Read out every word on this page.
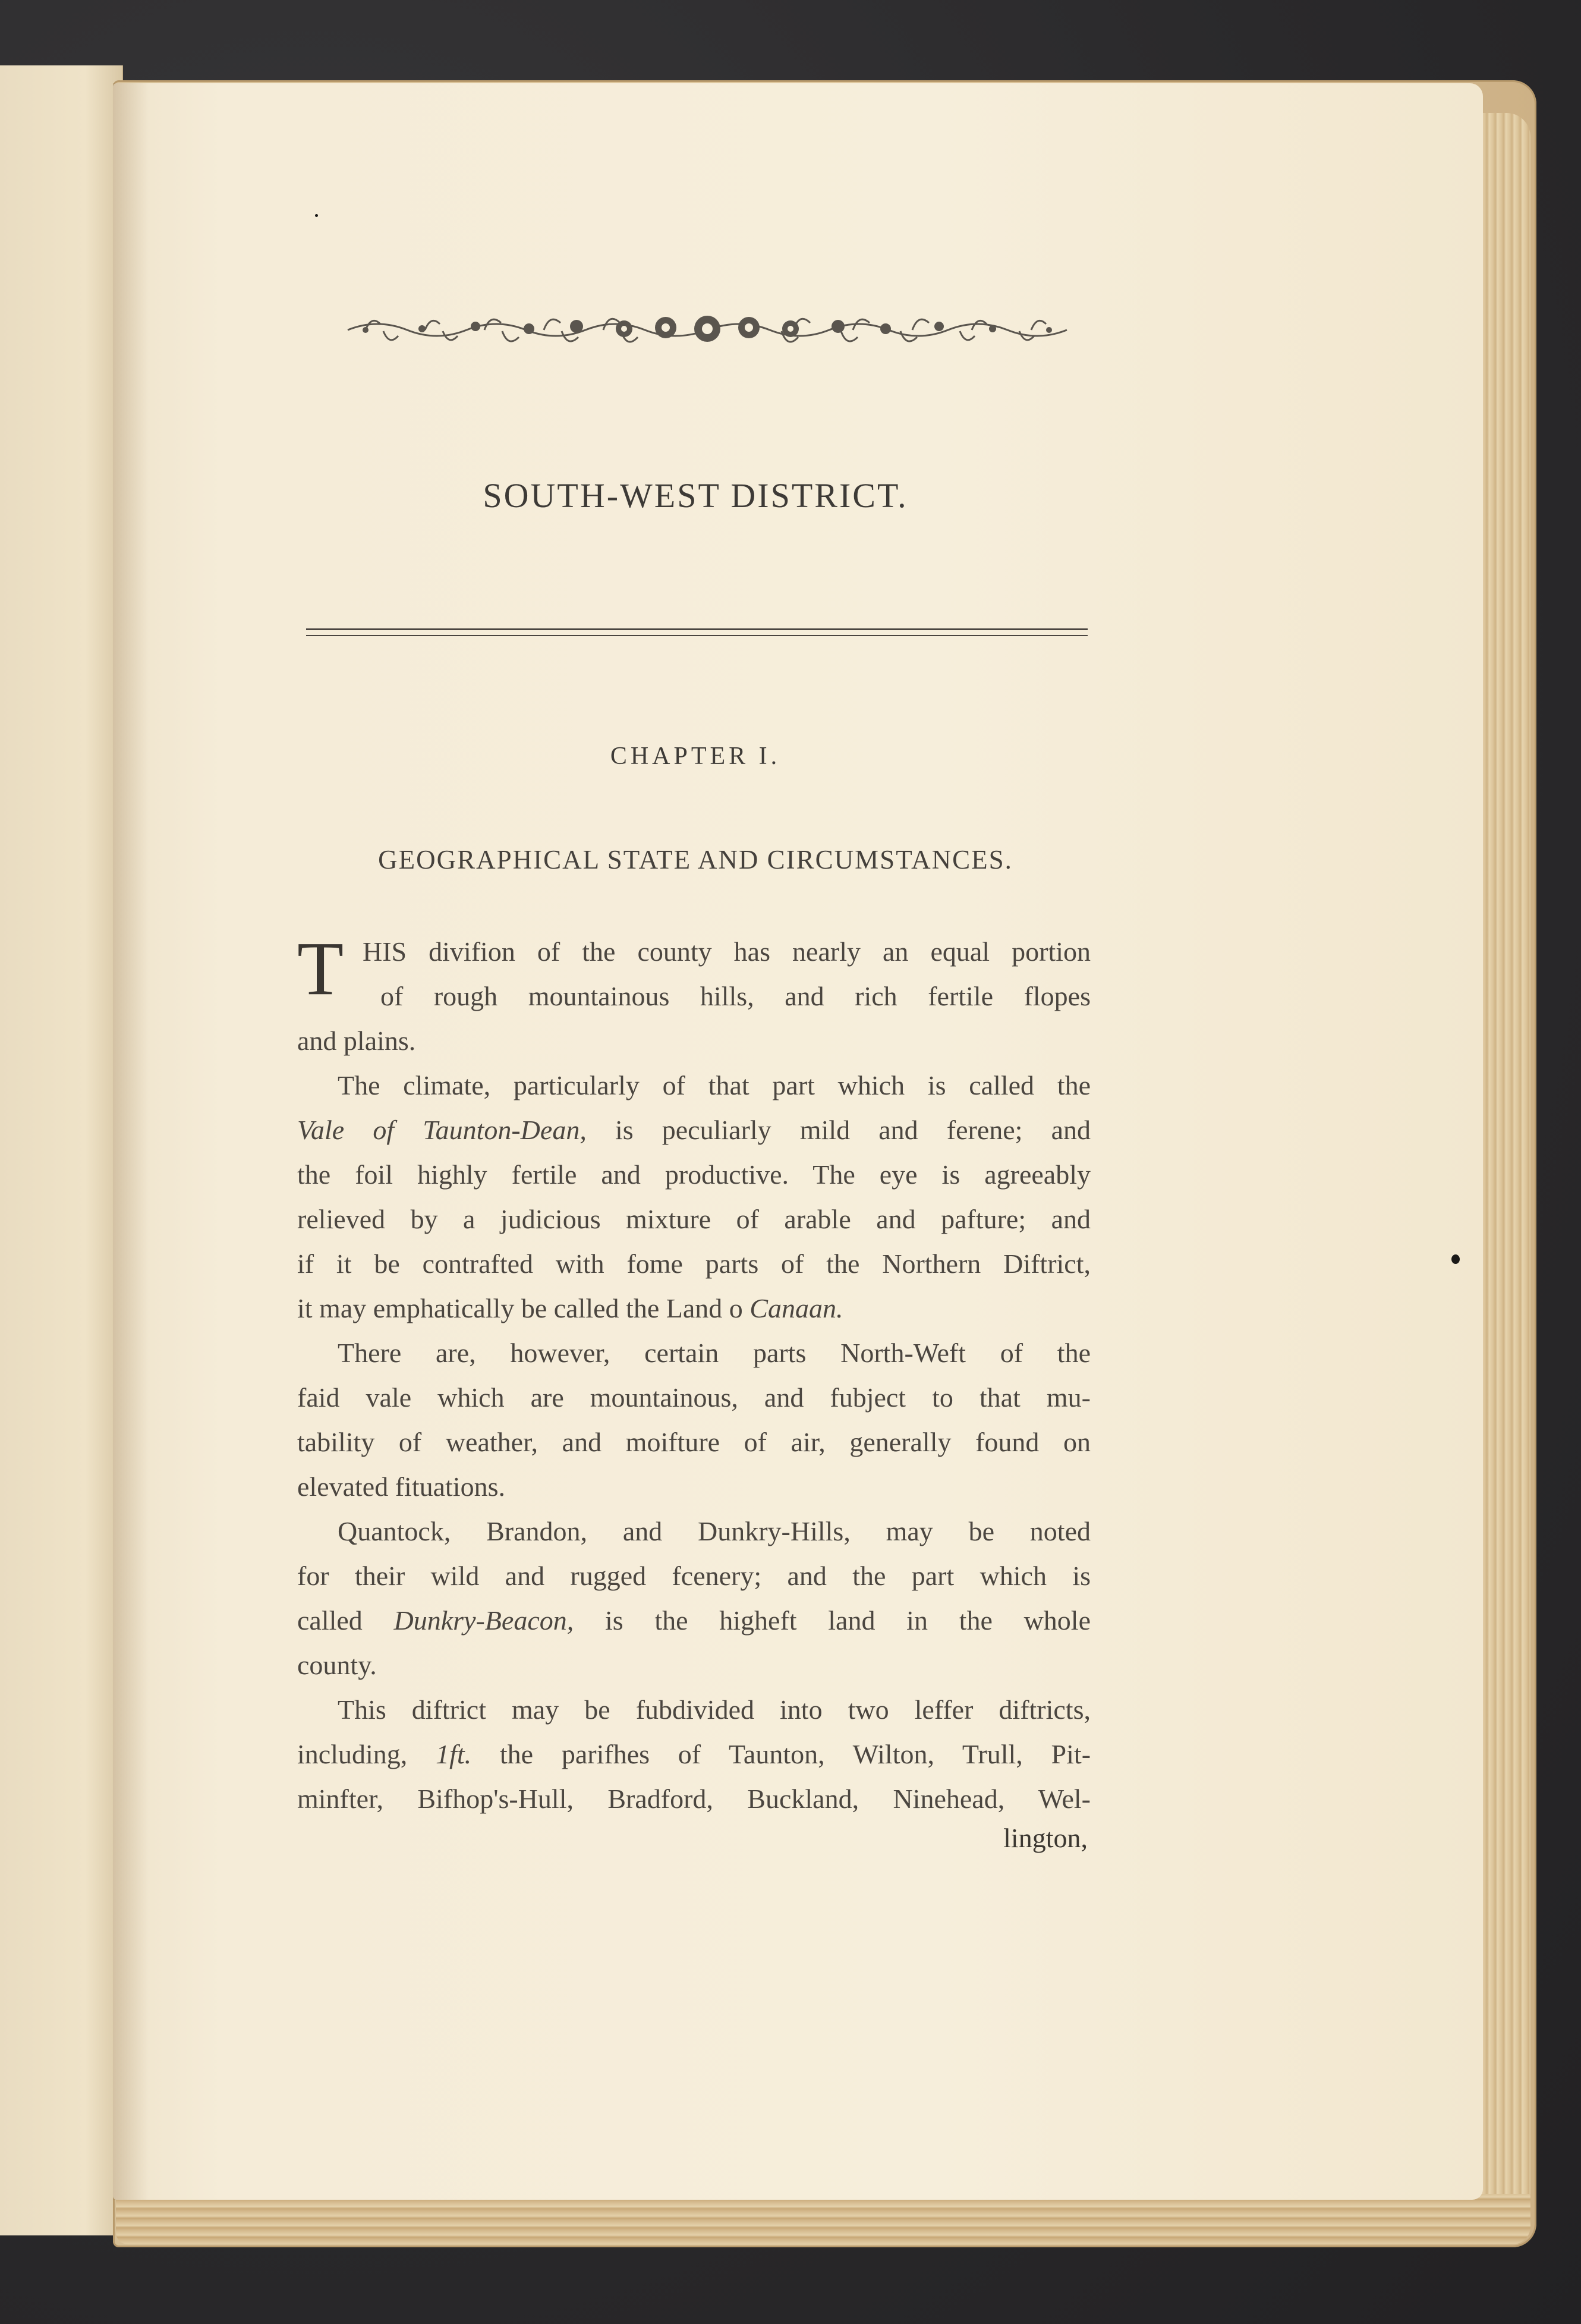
SOUTH-WEST DISTRICT.
CHAPTER I.
GEOGRAPHICAL STATE AND CIRCUMSTANCES.
T HIS divifion of the county has nearly an equal portion
of rough mountainous hills, and rich fertile flopes
and plains.
The climate, particularly of that part which is called the
Vale of Taunton-Dean, is peculiarly mild and ferene; and
the foil highly fertile and productive. The eye is agreeably
relieved by a judicious mixture of arable and pafture; and
if it be contrafted with fome parts of the Northern Diftrict,
it may emphatically be called the Land o Canaan.
There are, however, certain parts North-Weft of the
faid vale which are mountainous, and fubject to that mu-
tability of weather, and moifture of air, generally found on
elevated fituations.
Quantock, Brandon, and Dunkry-Hills, may be noted
for their wild and rugged fcenery; and the part which is
called Dunkry-Beacon, is the higheft land in the whole
county.
This diftrict may be fubdivided into two leffer diftricts,
including, 1ft. the parifhes of Taunton, Wilton, Trull, Pit-
minfter, Bifhop's-Hull, Bradford, Buckland, Ninehead, Wel-
lington,
